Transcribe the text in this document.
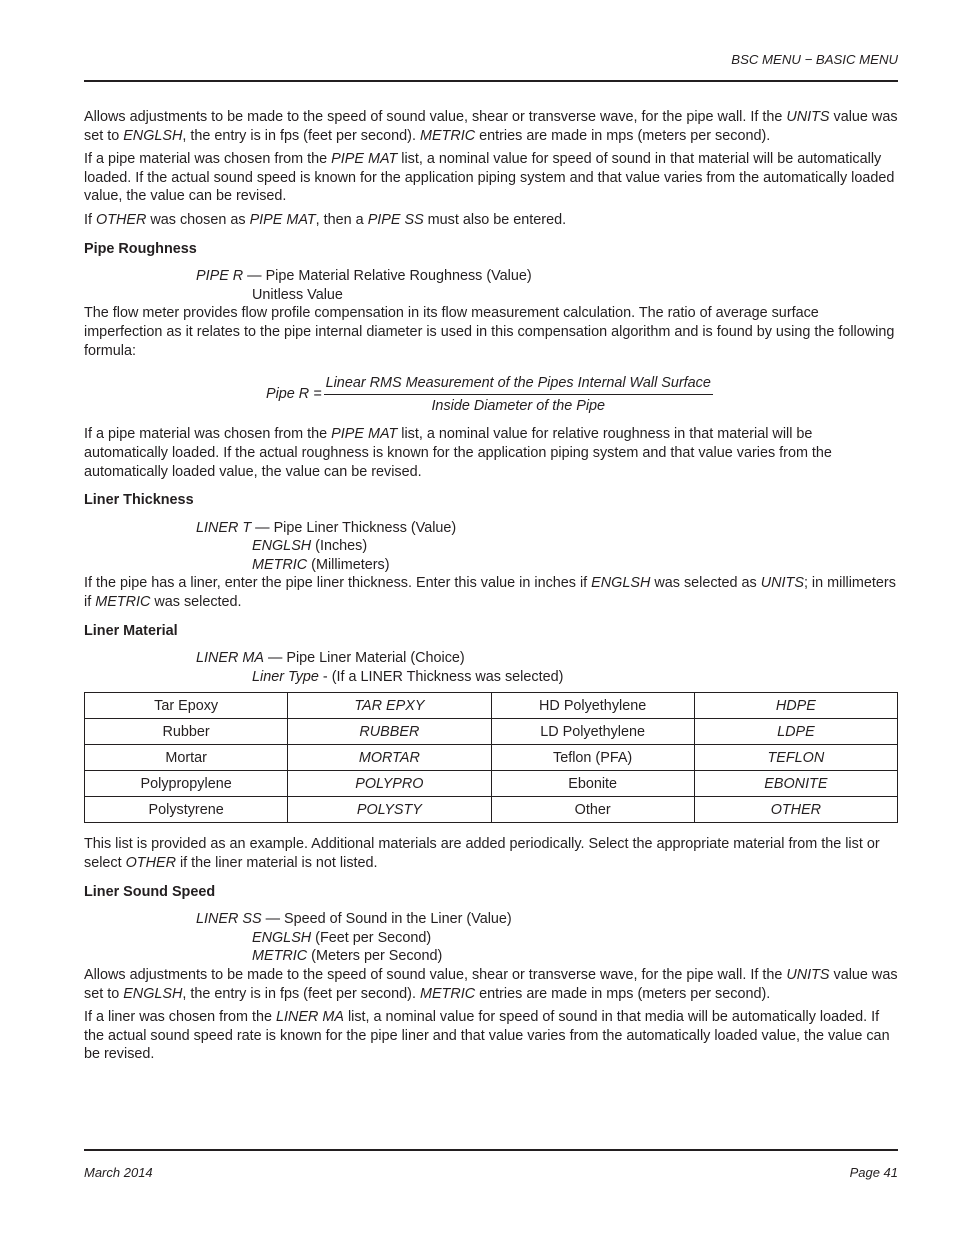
BSC MENU − BASIC MENU

Allows adjustments to be made to the speed of sound value, shear or transverse wave, for the pipe wall. If the UNITS value was set to ENGLSH, the entry is in fps (feet per second). METRIC entries are made in mps (meters per second).

If a pipe material was chosen from the PIPE MAT list, a nominal value for speed of sound in that material will be automatically loaded. If the actual sound speed is known for the application piping system and that value varies from the automatically loaded value, the value can be revised.

If OTHER was chosen as PIPE MAT, then a PIPE SS must also be entered.

Pipe Roughness
PIPE R — Pipe Material Relative Roughness (Value)
Unitless Value

The flow meter provides flow profile compensation in its flow measurement calculation. The ratio of average surface imperfection as it relates to the pipe internal diameter is used in this compensation algorithm and is found by using the following formula:

Pipe R =
Linear RMS Measurement of the Pipes Internal Wall Surface
Inside Diameter of the Pipe

If a pipe material was chosen from the PIPE MAT list, a nominal value for relative roughness in that material will be automatically loaded. If the actual roughness is known for the application piping system and that value varies from the automatically loaded value, the value can be revised.

Liner Thickness
LINER T — Pipe Liner Thickness (Value)
ENGLSH (Inches)
METRIC (Millimeters)

If the pipe has a liner, enter the pipe liner thickness. Enter this value in inches if ENGLSH was selected as UNITS; in millimeters if METRIC was selected.

Liner Material
LINER MA — Pipe Liner Material (Choice)
Liner Type - (If a LINER Thickness was selected)
Tar Epoxy	TAR EPXY	HD Polyethylene	HDPE
Rubber	RUBBER	LD Polyethylene	LDPE
Mortar	MORTAR	Teflon (PFA)	TEFLON
Polypropylene	POLYPRO	Ebonite	EBONITE
Polystyrene	POLYSTY	Other	OTHER

This list is provided as an example. Additional materials are added periodically. Select the appropriate material from the list or select OTHER if the liner material is not listed.

Liner Sound Speed
LINER SS — Speed of Sound in the Liner (Value)
ENGLSH (Feet per Second)
METRIC (Meters per Second)

Allows adjustments to be made to the speed of sound value, shear or transverse wave, for the pipe wall. If the UNITS value was set to ENGLSH, the entry is in fps (feet per second). METRIC entries are made in mps (meters per second).

If a liner was chosen from the LINER MA list, a nominal value for speed of sound in that media will be automatically loaded. If the actual sound speed rate is known for the pipe liner and that value varies from the automatically loaded value, the value can be revised.

March 2014	Page 41
